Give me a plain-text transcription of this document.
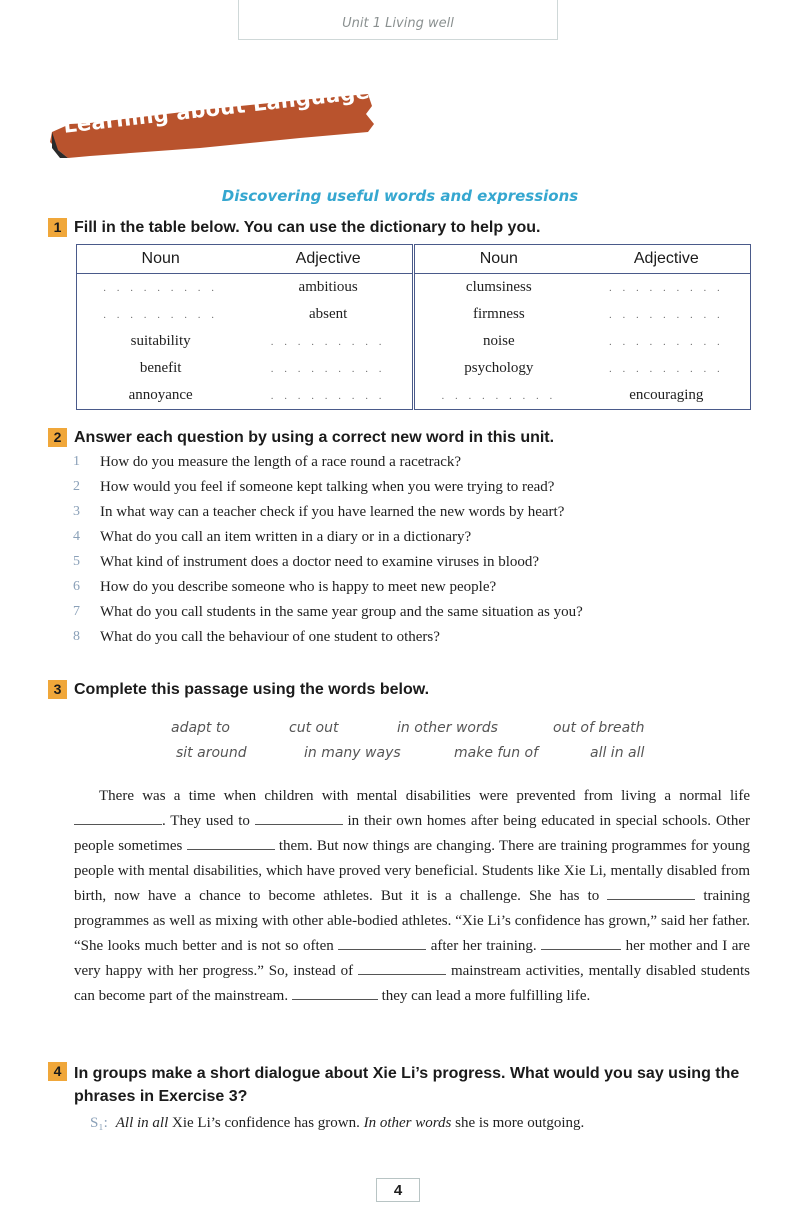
Unit 1 Living well
Learning about Language
Discovering useful words and expressions
1 Fill in the table below. You can use the dictionary to help you.
Noun	Adjective	Noun	Adjective
. . . . . . . . .	ambitious	clumsiness	. . . . . . . . .
. . . . . . . . .	absent	firmness	. . . . . . . . .
suitability	. . . . . . . . .	noise	. . . . . . . . .
benefit	. . . . . . . . .	psychology	. . . . . . . . .
annoyance	. . . . . . . . .	. . . . . . . . .	encouraging
2 Answer each question by using a correct new word in this unit.
1	How do you measure the length of a race round a racetrack?
2	How would you feel if someone kept talking when you were trying to read?
3	In what way can a teacher check if you have learned the new words by heart?
4	What do you call an item written in a diary or in a dictionary?
5	What kind of instrument does a doctor need to examine viruses in blood?
6	How do you describe someone who is happy to meet new people?
7	What do you call students in the same year group and the same situation as you?
8	What do you call the behaviour of one student to others?
3 Complete this passage using the words below.
adapt to	cut out	in other words	out of breath
sit around	in many ways	make fun of	all in all

There was a time when children with mental disabilities were prevented from living a normal life . They used to	in their own homes after being educated in special schools. Other people sometimes	them. But now things are changing. There are training programmes for young people with mental disabilities, which have proved very beneficial. Students like Xie Li, mentally disabled from birth, now have a chance to become athletes. But it is a challenge. She has to	training programmes as well as mixing with other able-bodied athletes. “Xie Li’s confidence has grown,” said her father. “She looks much better and is not so often	after her training.	her mother and I are very happy with her progress.” So, instead of	mainstream activities, mentally disabled students can become part of the mainstream.	they can lead a more fulfilling life.

4 In groups make a short dialogue about Xie Li’s progress. What would you say using the phrases in Exercise 3?
S₁: All in all Xie Li’s confidence has grown. In other words she is more outgoing.
4
